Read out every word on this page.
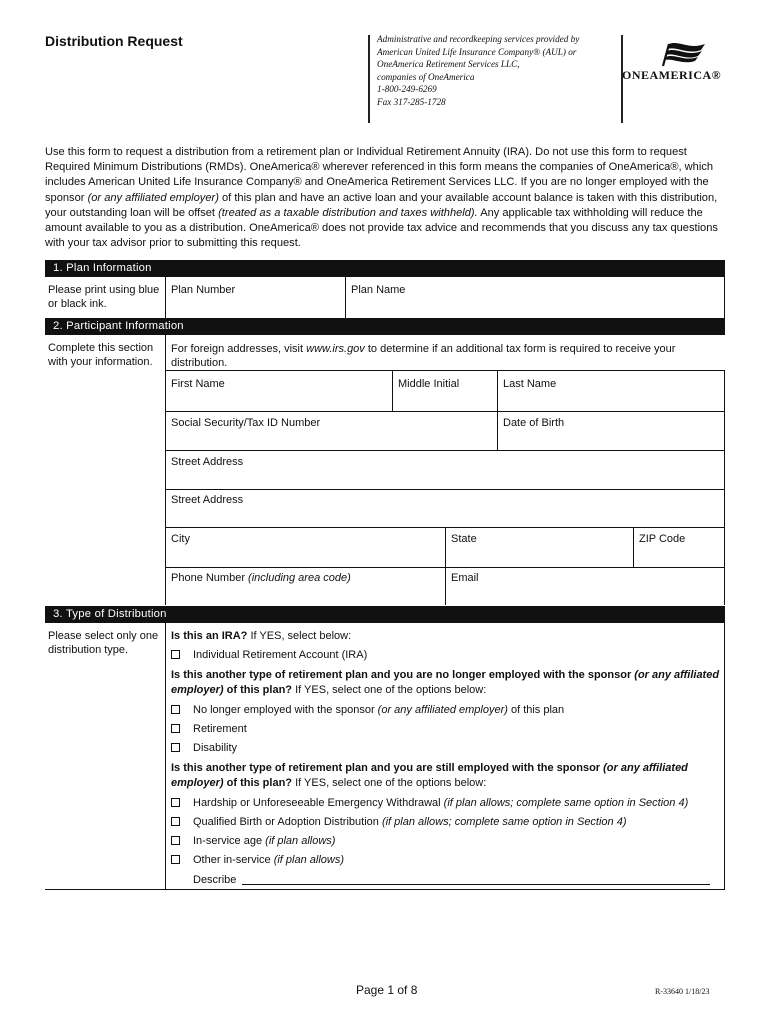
Distribution Request	Administrative and recordkeeping services provided by
American United Life Insurance Company® (AUL) or
OneAmerica Retirement Services LLC,
companies of OneAmerica
1-800-249-6269
Fax 317-285-1728
ONEAMERICA®
Use this form to request a distribution from a retirement plan or Individual Retirement Annuity (IRA). Do not use this form to request Required Minimum Distributions (RMDs). OneAmerica® wherever referenced in this form means the companies of OneAmerica®, which includes American United Life Insurance Company® and OneAmerica Retirement Services LLC. If you are no longer employed with the sponsor (or any affiliated employer) of this plan and have an active loan and your available account balance is taken with this distribution, your outstanding loan will be offset (treated as a taxable distribution and taxes withheld). Any applicable tax withholding will reduce the amount available to you as a distribution. OneAmerica® does not provide tax advice and recommends that you discuss any tax questions with your tax advisor prior to submitting this request.
1. Plan Information
Please print using blue or black ink.
Plan Number	Plan Name
2. Participant Information
Complete this section with your information.
For foreign addresses, visit www.irs.gov to determine if an additional tax form is required to receive your distribution.
First Name	Middle Initial	Last Name
Social Security/Tax ID Number	Date of Birth
Street Address
Street Address
City	State	ZIP Code
Phone Number (including area code)	Email
3. Type of Distribution
Please select only one distribution type.
Is this an IRA? If YES, select below:
Individual Retirement Account (IRA)
Is this another type of retirement plan and you are no longer employed with the sponsor (or any affiliated employer) of this plan? If YES, select one of the options below:
No longer employed with the sponsor (or any affiliated employer) of this plan
Retirement
Disability
Is this another type of retirement plan and you are still employed with the sponsor (or any affiliated employer) of this plan? If YES, select one of the options below:
Hardship or Unforeseeable Emergency Withdrawal (if plan allows; complete same option in Section 4)
Qualified Birth or Adoption Distribution (if plan allows; complete same option in Section 4)
In-service age (if plan allows)
Other in-service (if plan allows)
Describe
Page 1 of 8	R-33640 1/18/23
